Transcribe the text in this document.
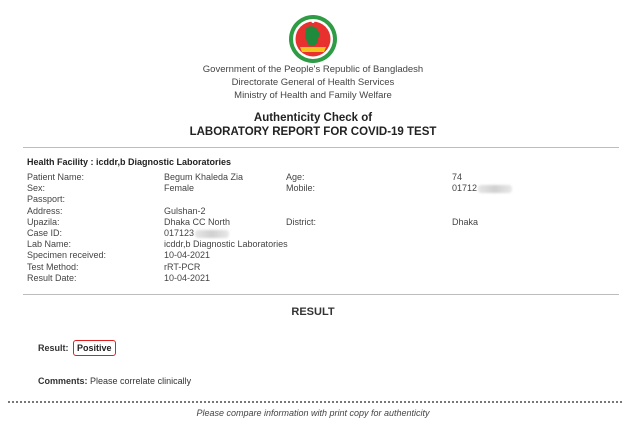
Government of the People's Republic of Bangladesh
Directorate General of Health Services
Ministry of Health and Family Welfare
Authenticity Check of
LABORATORY REPORT FOR COVID-19 TEST
Health Facility : icddr,b Diagnostic Laboratories
Patient Name:	Begum Khaleda Zia	Age:	74
Sex:	Female	Mobile:	01712
Passport:
Address:	Gulshan-2
Upazila:	Dhaka CC North	District:	Dhaka
Case ID:	017123
Lab Name:	icddr,b Diagnostic Laboratories
Specimen received:	10-04-2021
Test Method:	rRT-PCR
Result Date:	10-04-2021
RESULT
Result: Positive
Comments: Please correlate clinically
Please compare information with print copy for authenticity
